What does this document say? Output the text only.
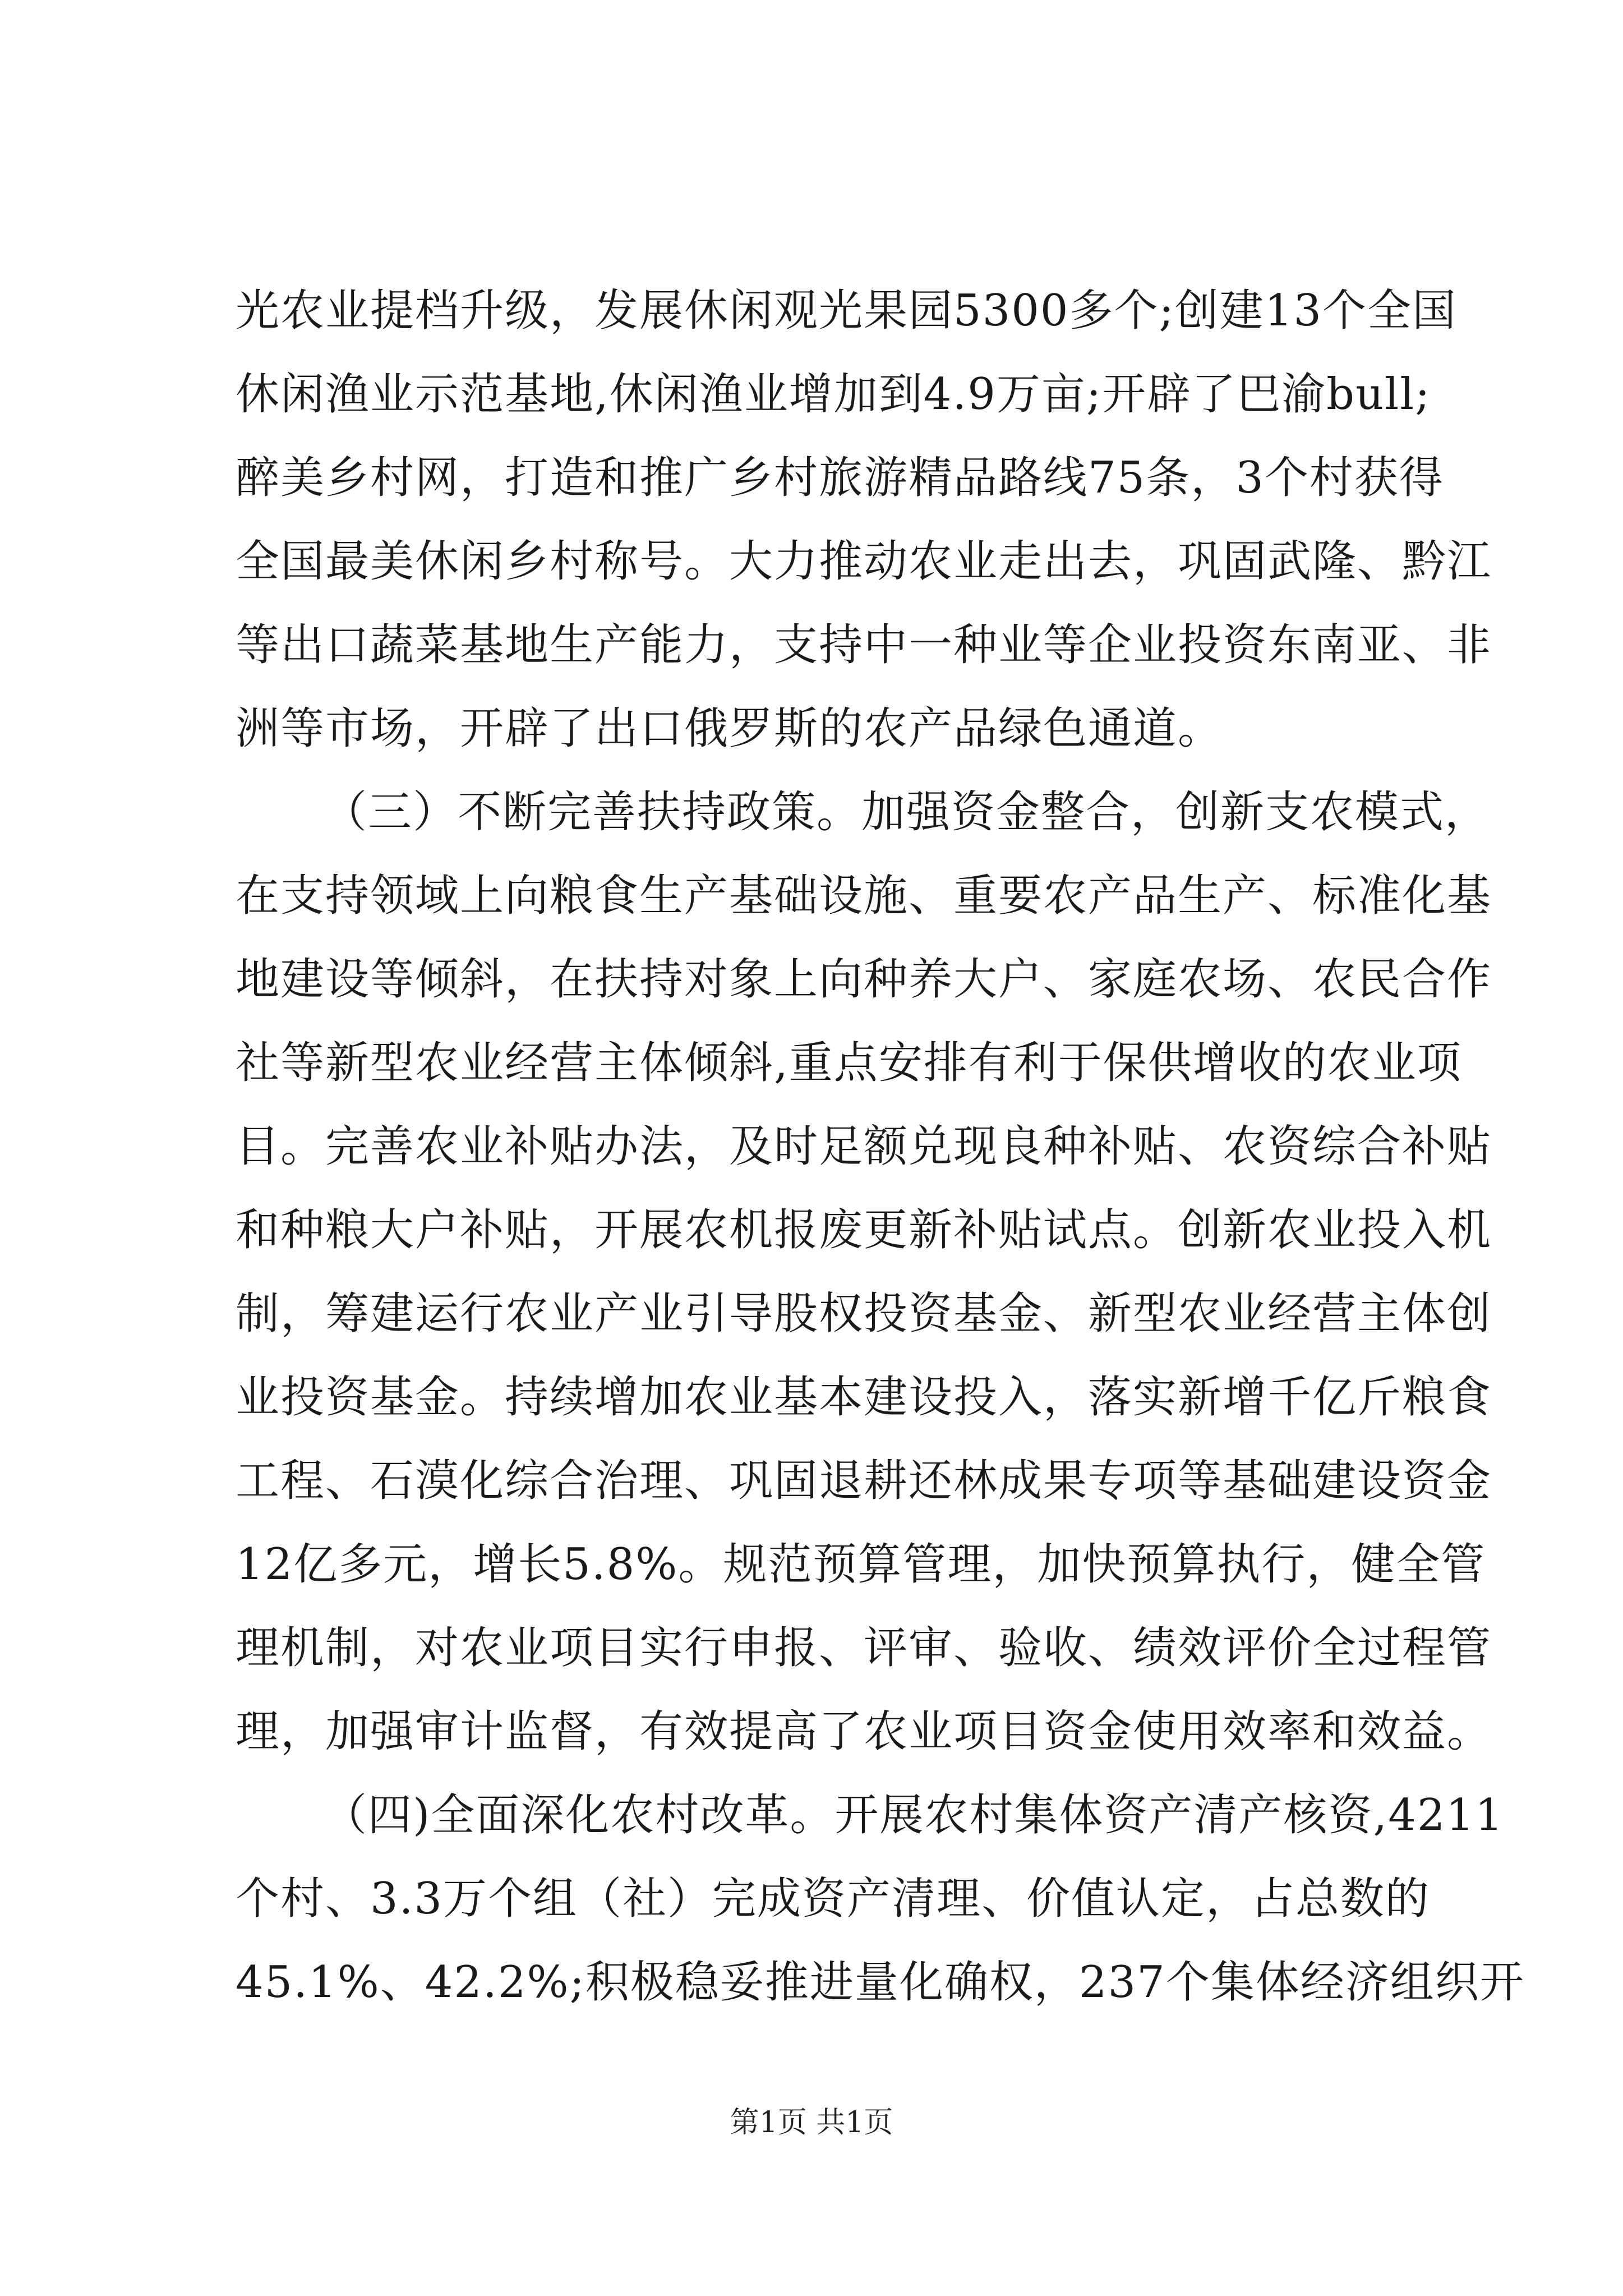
光农业提档升级，发展休闲观光果园5300多个;创建13个全国
休闲渔业示范基地,休闲渔业增加到4.9万亩;开辟了巴渝bull;
醉美乡村网，打造和推广乡村旅游精品路线75条，3个村获得
全国最美休闲乡村称号。大力推动农业走出去，巩固武隆、黔江
等出口蔬菜基地生产能力，支持中一种业等企业投资东南亚、非
洲等市场，开辟了出口俄罗斯的农产品绿色通道。
（三）不断完善扶持政策。加强资金整合，创新支农模式，
在支持领域上向粮食生产基础设施、重要农产品生产、标准化基
地建设等倾斜，在扶持对象上向种养大户、家庭农场、农民合作
社等新型农业经营主体倾斜,重点安排有利于保供增收的农业项
目。完善农业补贴办法，及时足额兑现良种补贴、农资综合补贴
和种粮大户补贴，开展农机报废更新补贴试点。创新农业投入机
制，筹建运行农业产业引导股权投资基金、新型农业经营主体创
业投资基金。持续增加农业基本建设投入，落实新增千亿斤粮食
工程、石漠化综合治理、巩固退耕还林成果专项等基础建设资金
12亿多元，增长5.8%。规范预算管理，加快预算执行，健全管
理机制，对农业项目实行申报、评审、验收、绩效评价全过程管
理，加强审计监督，有效提高了农业项目资金使用效率和效益。
（四)全面深化农村改革。开展农村集体资产清产核资,4211
个村、3.3万个组（社）完成资产清理、价值认定，占总数的
45.1%、42.2%;积极稳妥推进量化确权，237个集体经济组织开
第1页 共1页
